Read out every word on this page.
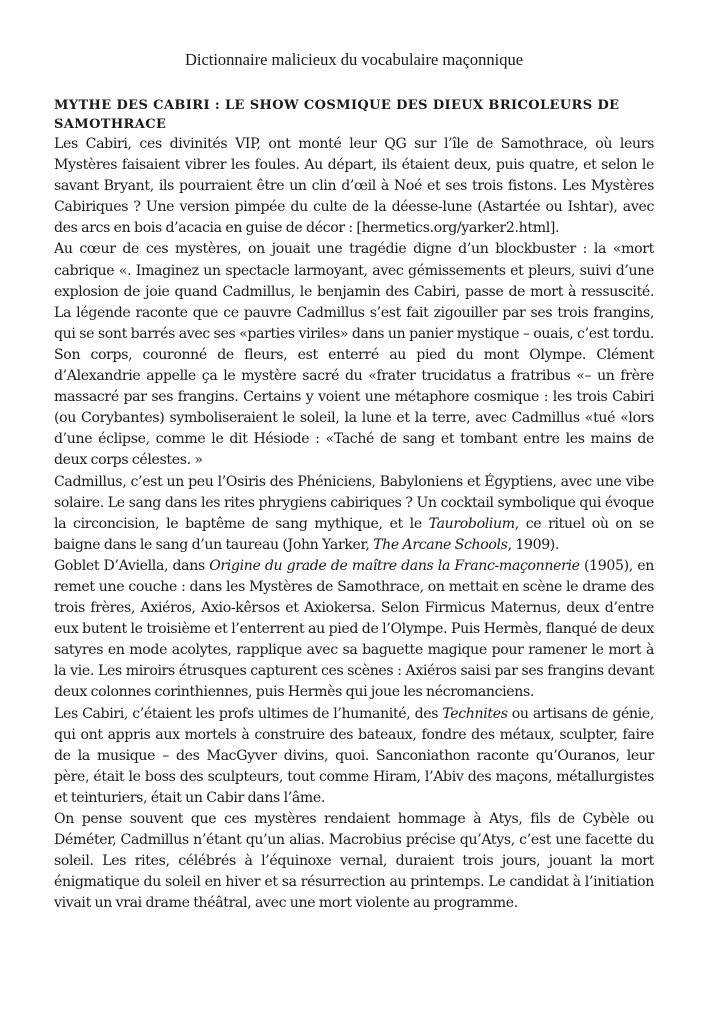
Dictionnaire malicieux du vocabulaire maçonnique
MYTHE DES CABIRI : LE SHOW COSMIQUE DES DIEUX BRICOLEURS DE SAMOTHRACE

Les Cabiri, ces divinités VIP, ont monté leur QG sur l’île de Samothrace, où leurs Mystères faisaient vibrer les foules. Au départ, ils étaient deux, puis quatre, et selon le savant Bryant, ils pourraient être un clin d’œil à Noé et ses trois fistons. Les Mystères Cabiriques ? Une version pimpée du culte de la déesse-lune (Astartée ou Ishtar), avec des arcs en bois d’acacia en guise de décor : [hermetics.org/yarker2.html].

Au cœur de ces mystères, on jouait une tragédie digne d’un blockbuster : la «mort cabrique «. Imaginez un spectacle larmoyant, avec gémissements et pleurs, suivi d’une explosion de joie quand Cadmillus, le benjamin des Cabiri, passe de mort à ressuscité. La légende raconte que ce pauvre Cadmillus s’est fait zigouiller par ses trois frangins, qui se sont barrés avec ses «parties viriles» dans un panier mystique – ouais, c’est tordu. Son corps, couronné de fleurs, est enterré au pied du mont Olympe. Clément d’Alexandrie appelle ça le mystère sacré du «frater trucidatus a fratribus «– un frère massacré par ses frangins. Certains y voient une métaphore cosmique : les trois Cabiri (ou Corybantes) symboliseraient le soleil, la lune et la terre, avec Cadmillus «tué «lors d’une éclipse, comme le dit Hésiode : «Taché de sang et tombant entre les mains de deux corps célestes. »

Cadmillus, c’est un peu l’Osiris des Phéniciens, Babyloniens et Égyptiens, avec une vibe solaire. Le sang dans les rites phrygiens cabiriques ? Un cocktail symbolique qui évoque la circoncision, le baptême de sang mythique, et le Taurobolium, ce rituel où on se baigne dans le sang d’un taureau (John Yarker, The Arcane Schools, 1909).

Goblet D’Aviella, dans Origine du grade de maître dans la Franc-maçonnerie (1905), en remet une couche : dans les Mystères de Samothrace, on mettait en scène le drame des trois frères, Axiéros, Axio-kêrsos et Axiokersa. Selon Firmicus Maternus, deux d’entre eux butent le troisième et l’enterrent au pied de l’Olympe. Puis Hermès, flanqué de deux satyres en mode acolytes, rapplique avec sa baguette magique pour ramener le mort à la vie. Les miroirs étrusques capturent ces scènes : Axiéros saisi par ses frangins devant deux colonnes corinthiennes, puis Hermès qui joue les nécromanciens.

Les Cabiri, c’étaient les profs ultimes de l’humanité, des Technites ou artisans de génie, qui ont appris aux mortels à construire des bateaux, fondre des métaux, sculpter, faire de la musique – des MacGyver divins, quoi. Sanconiathon raconte qu’Ouranos, leur père, était le boss des sculpteurs, tout comme Hiram, l’Abiv des maçons, métallurgistes et teinturiers, était un Cabir dans l’âme.

On pense souvent que ces mystères rendaient hommage à Atys, fils de Cybèle ou Déméter, Cadmillus n’étant qu’un alias. Macrobius précise qu’Atys, c’est une facette du soleil. Les rites, célébrés à l’équinoxe vernal, duraient trois jours, jouant la mort énigmatique du soleil en hiver et sa résurrection au printemps. Le candidat à l’initiation vivait un vrai drame théâtral, avec une mort violente au programme.
